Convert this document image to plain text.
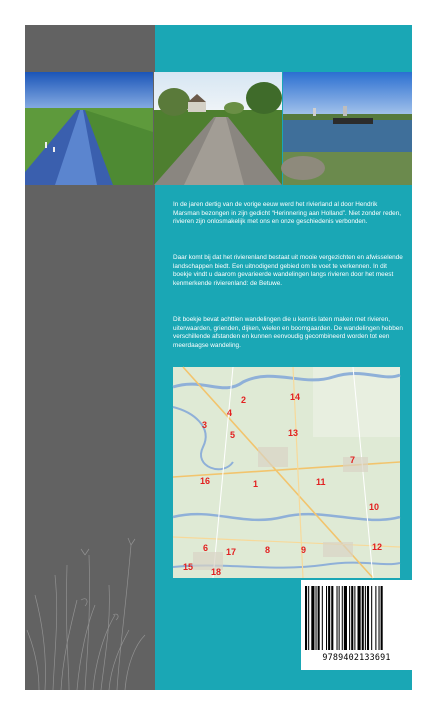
In de jaren dertig van de vorige eeuw werd het rivierland al door Hendrik Marsman bezongen in zijn gedicht “Herinnering aan Holland”. Niet zonder reden, rivieren zijn onlosmakelijk met ons en onze geschiedenis verbonden.

Daar komt bij dat het rivierenland bestaat uit mooie vergezichten en afwisselende landschappen biedt. Een uitnodigend gebied om te voet te verkennen. In dit boekje vindt u daarom gevarieerde wandelingen langs rivieren door het meest kenmerkende rivierenland: de Betuwe.

Dit boekje bevat achttien wandelingen die u kennis laten maken met rivieren, uiterwaarden, grienden, dijken, wielen en boomgaarden. De wandelingen hebben verschillende afstanden en kunnen eenvoudig gecombineerd worden tot een meerdaagse wandeling.

2	14
4
3
5	13
7
16	1	11
10
6 17	8	9	12
15 18
9789402133691
Dit boek is uitgegeven v
bravenewbooks.nl
